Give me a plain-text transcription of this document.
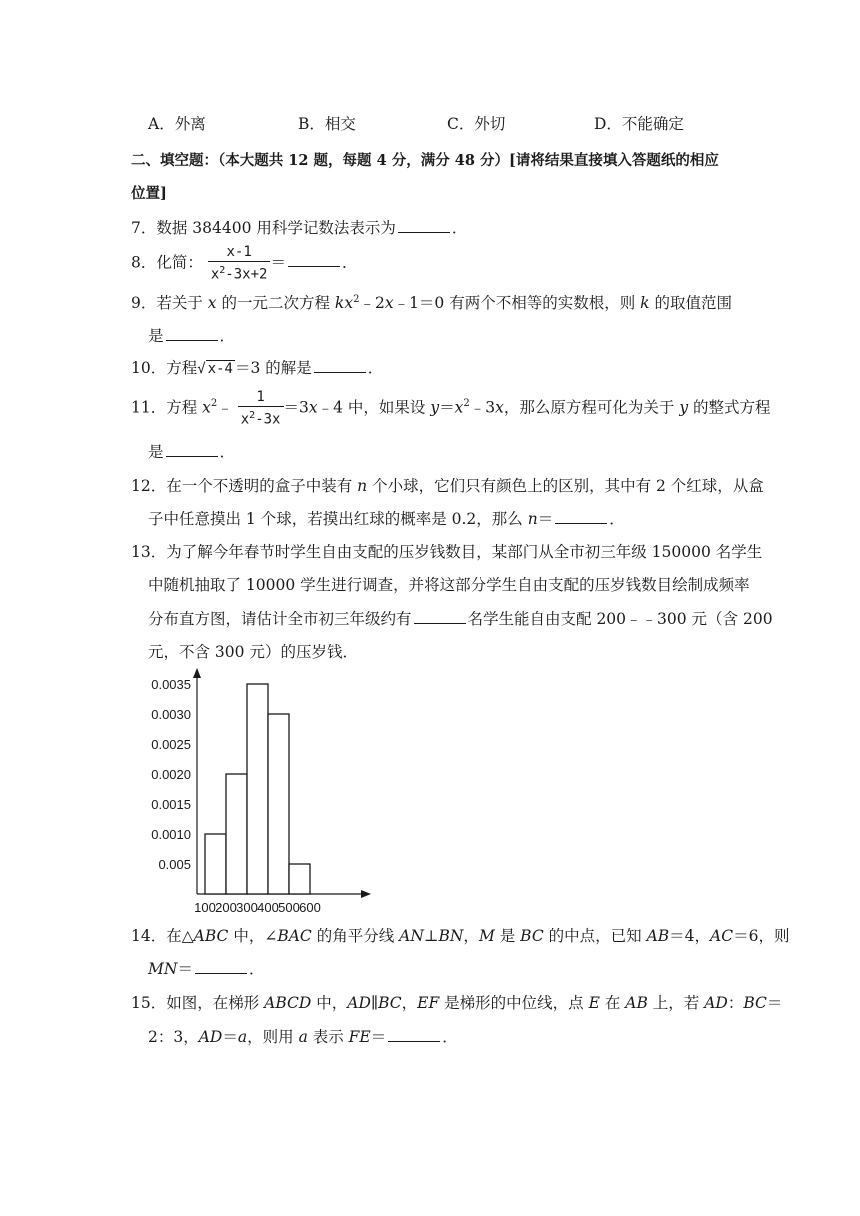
A．外离	B．相交	C．外切	D．不能确定
二、填空题：（本大题共 12 题，每题 4 分，满分 48 分）[请将结果直接填入答题纸的相应
位置]
7．数据 384400 用科学记数法表示为	．
8．化简： $\frac{x-1}{x^2-3x+2}$ ＝	．
9．若关于 x 的一元二次方程 $kx^2﹣2x﹣1=0$ 有两个不相等的实数根，则 k 的取值范围
是	．
10．方程√ x-4 ＝3 的解是	．
11．方程 $x^2﹣ \frac{1}{x^2-3x}$ ＝3x﹣4 中，如果设 $y=x^2﹣3x$，那么原方程可化为关于 y 的整式方程
是	．
12．在一个不透明的盒子中装有 n 个小球，它们只有颜色上的区别，其中有 2 个红球，从盒
子中任意摸出 1 个球，若摸出红球的概率是 0.2，那么 n＝	．
13．为了解今年春节时学生自由支配的压岁钱数目，某部门从全市初三年级 150000 名学生
中随机抽取了 10000 学生进行调查，并将这部分学生自由支配的压岁钱数目绘制成频率
分布直方图，请估计全市初三年级约有	名学生能自由支配 200﹣﹣300 元（含 200
元，不含 300 元）的压岁钱．
0.005
0.0010
0.0015
0.0020
0.0025
0.0030
0.0035
100 200 300 400 500 600
14．在△ABC 中，∠BAC 的角平分线 AN⊥BN，M 是 BC 的中点，已知 AB＝4，AC＝6，则
MN＝	．
15．如图，在梯形 ABCD 中，AD∥BC，EF 是梯形的中位线，点 E 在 AB 上，若 AD：BC＝
2：3，AD＝a，则用 a 表示 FE＝	．
